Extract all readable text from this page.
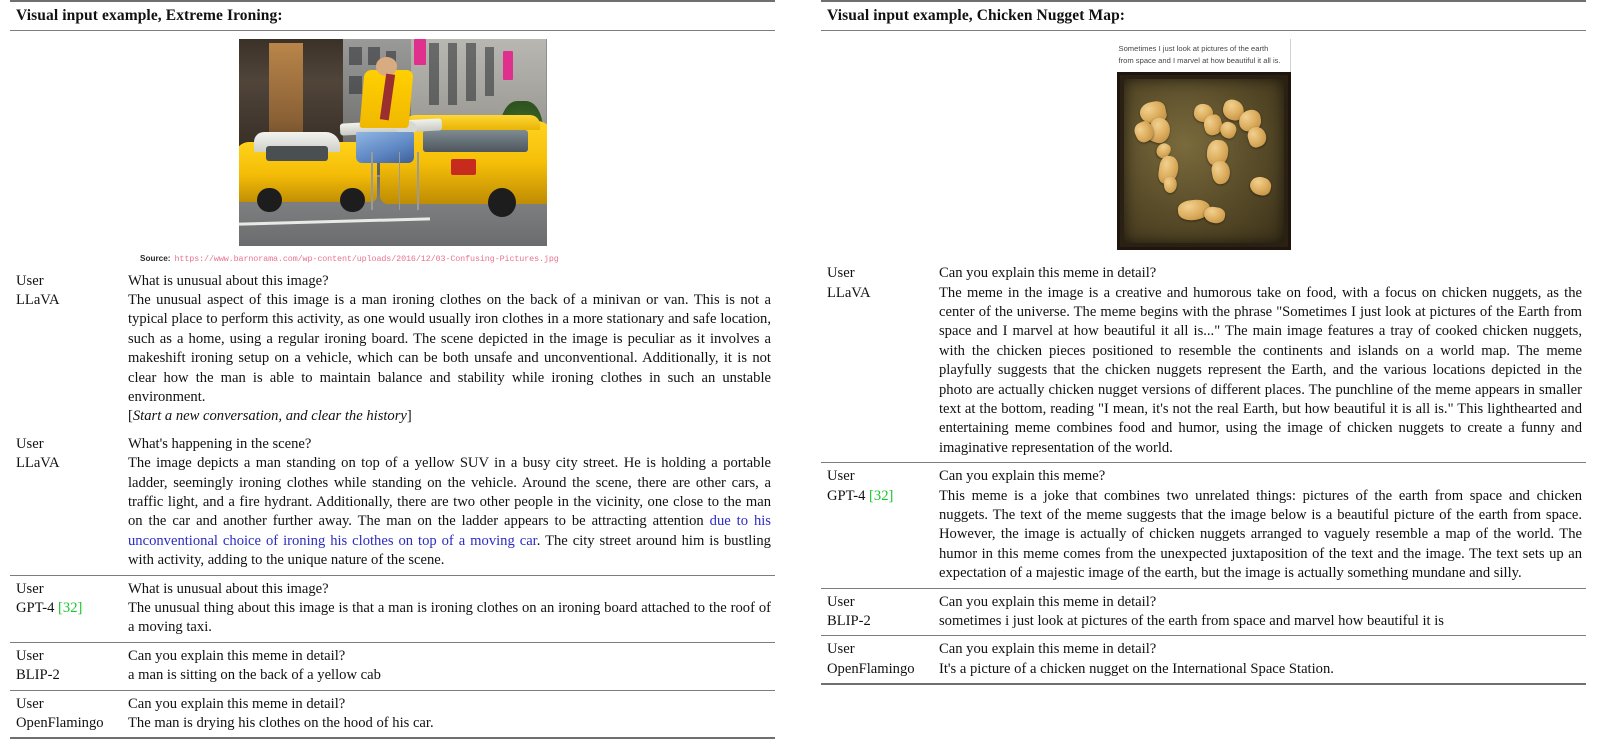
Visual input example, Extreme Ironing:
Source: https://www.barnorama.com/wp-content/uploads/2016/12/03-Confusing-Pictures.jpg
User
LLaVA
What is unusual about this image?
The unusual aspect of this image is a man ironing clothes on the back of a minivan or van. This is not a typical place to perform this activity, as one would usually iron clothes in a more stationary and safe location, such as a home, using a regular ironing board. The scene depicted in the image is peculiar as it involves a makeshift ironing setup on a vehicle, which can be both unsafe and unconventional. Additionally, it is not clear how the man is able to maintain balance and stability while ironing clothes in such an unstable environment.
[Start a new conversation, and clear the history]
User
LLaVA
What's happening in the scene?
The image depicts a man standing on top of a yellow SUV in a busy city street. He is holding a portable ladder, seemingly ironing clothes while standing on the vehicle. Around the scene, there are other cars, a traffic light, and a fire hydrant. Additionally, there are two other people in the vicinity, one close to the man on the car and another further away. The man on the ladder appears to be attracting attention due to his unconventional choice of ironing his clothes on top of a moving car. The city street around him is bustling with activity, adding to the unique nature of the scene.
User
GPT-4 [32]
What is unusual about this image?
The unusual thing about this image is that a man is ironing clothes on an ironing board attached to the roof of a moving taxi.
User
BLIP-2
Can you explain this meme in detail?
a man is sitting on the back of a yellow cab
User
OpenFlamingo
Can you explain this meme in detail?
The man is drying his clothes on the hood of his car.
Visual input example, Chicken Nugget Map:
Sometimes I just look at pictures of the earth from space and I marvel at how beautiful it all is.
User
LLaVA
Can you explain this meme in detail?
The meme in the image is a creative and humorous take on food, with a focus on chicken nuggets, as the center of the universe. The meme begins with the phrase "Sometimes I just look at pictures of the Earth from space and I marvel at how beautiful it all is..." The main image features a tray of cooked chicken nuggets, with the chicken pieces positioned to resemble the continents and islands on a world map. The meme playfully suggests that the chicken nuggets represent the Earth, and the various locations depicted in the photo are actually chicken nugget versions of different places. The punchline of the meme appears in smaller text at the bottom, reading "I mean, it's not the real Earth, but how beautiful it is all is." This lighthearted and entertaining meme combines food and humor, using the image of chicken nuggets to create a funny and imaginative representation of the world.
User
GPT-4 [32]
Can you explain this meme?
This meme is a joke that combines two unrelated things: pictures of the earth from space and chicken nuggets. The text of the meme suggests that the image below is a beautiful picture of the earth from space. However, the image is actually of chicken nuggets arranged to vaguely resemble a map of the world. The humor in this meme comes from the unexpected juxtaposition of the text and the image. The text sets up an expectation of a majestic image of the earth, but the image is actually something mundane and silly.
User
BLIP-2
Can you explain this meme in detail?
sometimes i just look at pictures of the earth from space and marvel how beautiful it is
User
OpenFlamingo
Can you explain this meme in detail?
It's a picture of a chicken nugget on the International Space Station.
